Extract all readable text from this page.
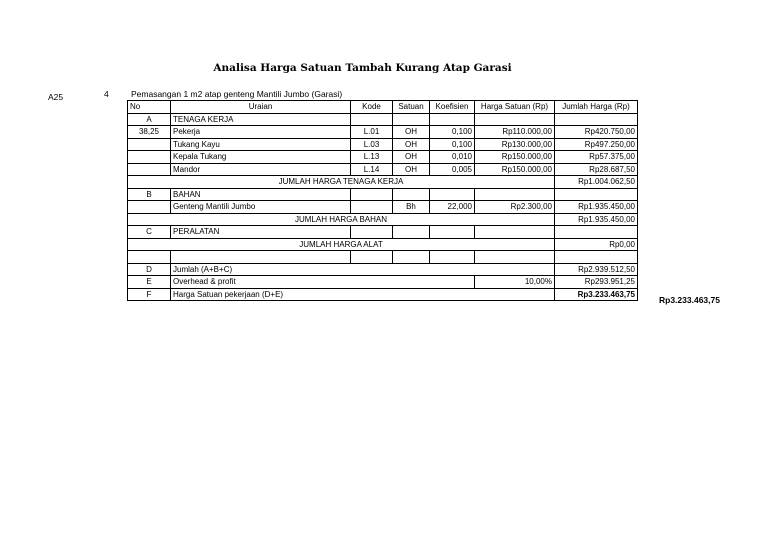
Analisa Harga Satuan Tambah Kurang Atap Garasi
A25	4	Pemasangan 1 m2 atap genteng Mantili Jumbo (Garasi)
No	Uraian	Kode	Satuan	Koefisien	Harga Satuan (Rp)	Jumlah Harga (Rp)
A	TENAGA KERJA					
38,25	Pekerja	L.01	OH	0,100	Rp110.000,00	Rp420.750,00
	Tukang Kayu	L.03	OH	0,100	Rp130.000,00	Rp497.250,00
	Kepala Tukang	L.13	OH	0,010	Rp150.000,00	Rp57.375,00
	Mandor	L.14	OH	0,005	Rp150.000,00	Rp28.687,50
JUMLAH HARGA TENAGA KERJA						Rp1.004.062,50
B	BAHAN					
	Genteng Mantili Jumbo		Bh	22,000	Rp2.300,00	Rp1.935.450,00
JUMLAH HARGA BAHAN						Rp1.935.450,00
C	PERALATAN					
JUMLAH HARGA ALAT						Rp0,00

D	Jumlah (A+B+C)					Rp2.939.512,50
E	Overhead & profit				10,00%	Rp293.951,25
F	Harga Satuan pekerjaan (D+E)					Rp3.233.463,75
Rp3.233.463,75
